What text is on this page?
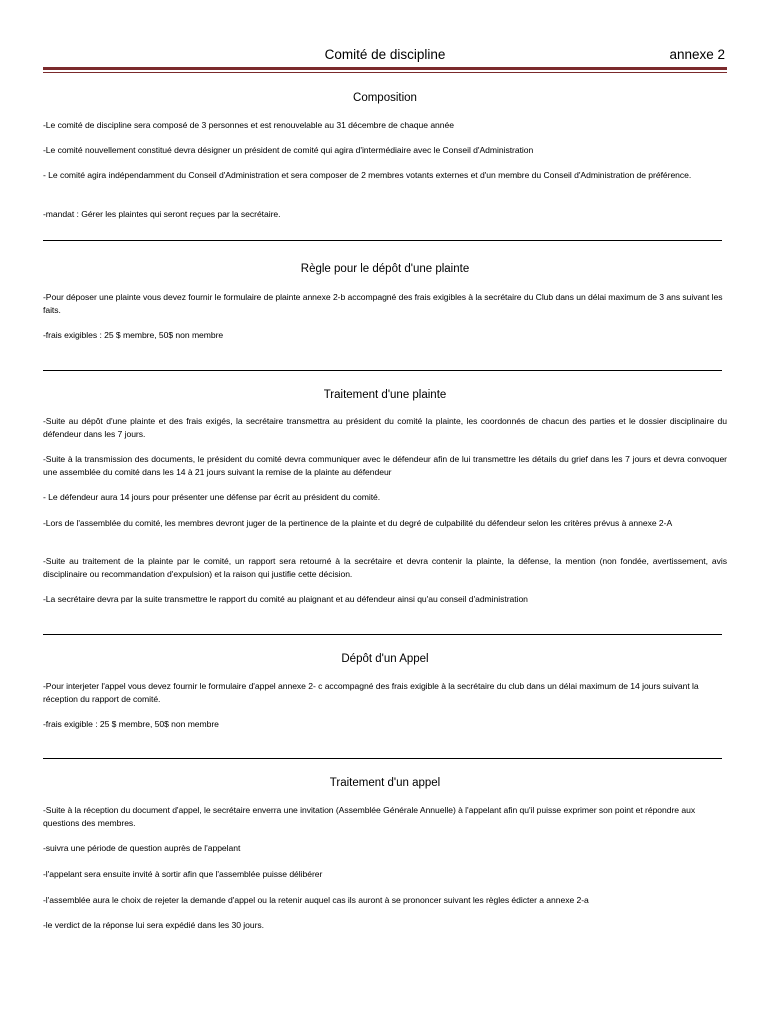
Comité de discipline	annexe 2
Composition
-Le comité de discipline sera composé de 3 personnes et est renouvelable au 31 décembre de chaque année
-Le comité nouvellement constitué devra désigner un président de comité qui agira d'intermédiaire avec le Conseil d'Administration
- Le comité agira indépendamment du Conseil d'Administration et sera composer de 2 membres votants externes et d'un membre du Conseil d'Administration de préférence.
-mandat : Gérer les plaintes qui seront reçues par la secrétaire.
Règle pour le dépôt d'une plainte
-Pour déposer une plainte vous devez fournir le formulaire de plainte annexe 2-b accompagné des frais exigibles à la secrétaire du Club dans un délai maximum de 3 ans suivant les faits.
-frais exigibles : 25 $ membre, 50$ non membre
Traitement d'une plainte
-Suite au dépôt d'une plainte et des frais exigés, la secrétaire transmettra au président du comité la plainte, les coordonnés de chacun des parties et le dossier disciplinaire du défendeur dans les 7 jours.
-Suite à la transmission des documents, le président du comité devra communiquer avec le défendeur afin de lui transmettre les détails du grief dans les 7 jours et devra convoquer une assemblée du comité dans les 14 à 21 jours suivant la remise de la plainte au défendeur
- Le défendeur aura 14 jours pour présenter une défense par écrit au président du comité.
-Lors de l'assemblée du comité, les membres devront juger de la pertinence de la plainte et du degré de culpabilité du défendeur selon les critères prévus à annexe 2-A
-Suite au traitement de la plainte par le comité, un rapport sera retourné à la secrétaire et devra contenir la plainte, la défense, la mention (non fondée, avertissement, avis disciplinaire ou recommandation d'expulsion) et la raison qui justifie cette décision.
-La secrétaire devra par la suite transmettre le rapport du comité au plaignant et au défendeur ainsi qu'au conseil d'administration
Dépôt d'un Appel
-Pour interjeter l'appel vous devez fournir le formulaire d'appel annexe 2- c accompagné des frais exigible à la secrétaire du club dans un délai maximum de 14 jours suivant la réception du rapport de comité.
-frais exigible : 25 $ membre, 50$ non membre
Traitement d'un appel
-Suite à la réception du document d'appel, le secrétaire enverra une invitation (Assemblée Générale Annuelle) à l'appelant afin qu'il puisse exprimer son point et répondre aux questions des membres.
-suivra une période de question auprès de l'appelant
-l'appelant sera ensuite invité à sortir afin que l'assemblée puisse délibérer
-l'assemblée aura le choix de rejeter la demande d'appel ou la retenir auquel cas ils auront à se prononcer suivant les règles édicter a annexe 2-a
-le verdict de la réponse lui sera expédié dans les 30 jours.
